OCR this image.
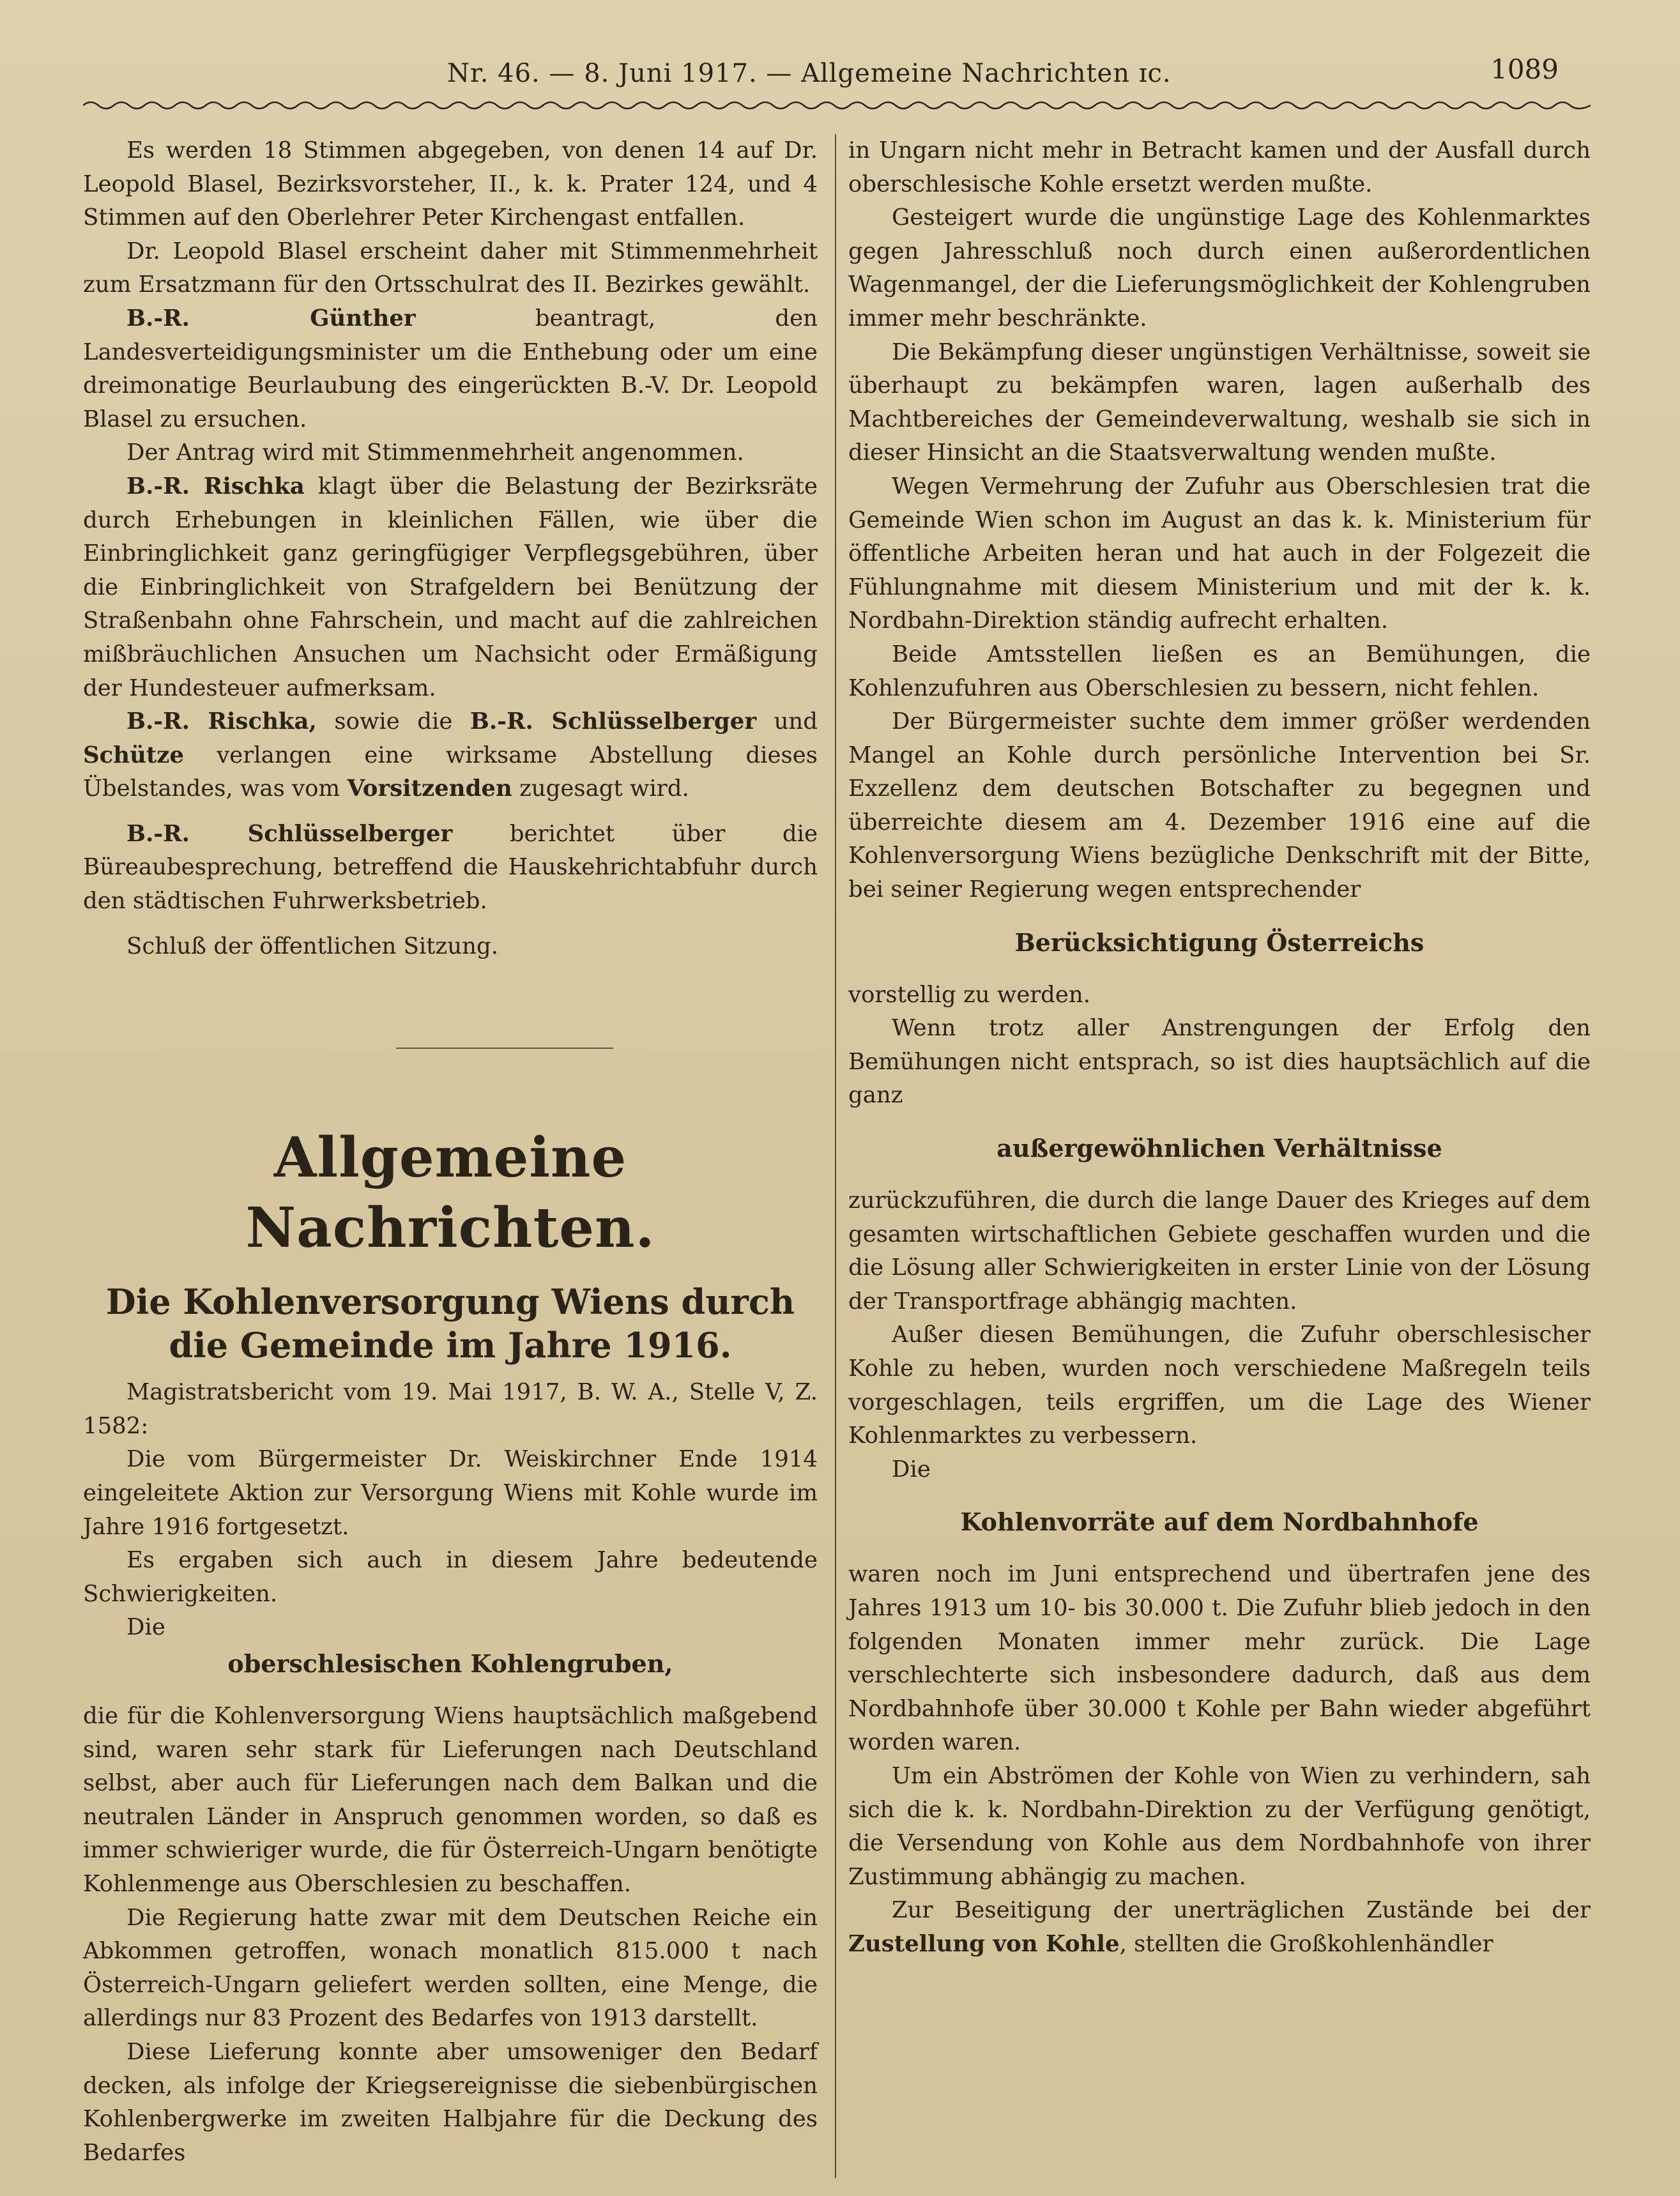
Nr. 46. — 8. Juni 1917. — Allgemeine Nachrichten ɪc.	1089

Es werden 18 Stimmen abgegeben, von denen 14 auf Dr. Leopold Blasel, Bezirksvorsteher, II., k. k. Prater 124, und 4 Stimmen auf den Oberlehrer Peter Kirchengast entfallen.

Dr. Leopold Blasel erscheint daher mit Stimmenmehrheit zum Ersatzmann für den Ortsschulrat des II. Bezirkes gewählt.

B.-R. Günther	beantragt, den Landesverteidigungsminister um die Enthebung oder um eine dreimonatige Beurlaubung des eingerückten B.-V. Dr. Leopold Blasel zu ersuchen.

Der Antrag wird mit Stimmenmehrheit angenommen.

B.-R. Rischka klagt über die Belastung der Bezirksräte durch Erhebungen in kleinlichen Fällen, wie über die Einbringlichkeit ganz geringfügiger Verpflegsgebühren, über die Einbringlichkeit von Strafgeldern bei Benützung der Straßenbahn ohne Fahrschein, und macht auf die zahlreichen mißbräuchlichen Ansuchen um Nachsicht oder Ermäßigung der Hundesteuer aufmerksam.

B.-R. Rischka, sowie die B.-R. Schlüsselberger und Schütze verlangen eine wirksame Abstellung dieses Übelstandes, was vom Vorsitzenden zugesagt wird.

B.-R. Schlüsselberger	berichtet über die Büreaubesprechung, betreffend die Hauskehrichtabfuhr durch den städtischen Fuhrwerksbetrieb.

Schluß der öffentlichen Sitzung.

Allgemeine Nachrichten.
Die Kohlenversorgung Wiens durch die Gemeinde im Jahre 1916.

Magistratsbericht vom 19. Mai 1917, B. W. A., Stelle V, Z. 1582:

Die vom Bürgermeister Dr. Weiskirchner Ende 1914 eingeleitete Aktion zur Versorgung Wiens mit Kohle wurde im Jahre 1916 fortgesetzt.

Es ergaben sich auch in diesem Jahre bedeutende Schwierigkeiten.

Die

oberschlesischen Kohlengruben,

die für die Kohlenversorgung Wiens hauptsächlich maßgebend sind, waren sehr stark für Lieferungen nach Deutschland selbst, aber auch für Lieferungen nach dem Balkan und die neutralen Länder in Anspruch genommen worden, so daß es immer schwieriger wurde, die für Österreich-Ungarn benötigte Kohlenmenge aus Oberschlesien zu beschaffen.

Die Regierung hatte zwar mit dem Deutschen Reiche ein Abkommen getroffen, wonach monatlich 815.000 t nach Österreich-Ungarn geliefert werden sollten, eine Menge, die allerdings nur 83 Prozent des Bedarfes von 1913 darstellt.

Diese Lieferung konnte aber umsoweniger den Bedarf decken, als infolge der Kriegsereignisse die siebenbürgischen Kohlenbergwerke im zweiten Halbjahre für die Deckung des Bedarfes

in Ungarn nicht mehr in Betracht kamen und der Ausfall durch oberschlesische Kohle ersetzt werden mußte.

Gesteigert wurde die ungünstige Lage des Kohlenmarktes gegen Jahresschluß noch durch einen außerordentlichen Wagenmangel, der die Lieferungsmöglichkeit der Kohlengruben immer mehr beschränkte.

Die Bekämpfung dieser ungünstigen Verhältnisse, soweit sie überhaupt zu bekämpfen waren, lagen außerhalb des Machtbereiches der Gemeindeverwaltung, weshalb sie sich in dieser Hinsicht an die Staatsverwaltung wenden mußte.

Wegen Vermehrung der Zufuhr aus Oberschlesien trat die Gemeinde Wien schon im August an das k. k. Ministerium für öffentliche Arbeiten heran und hat auch in der Folgezeit die Fühlungnahme mit diesem Ministerium und mit der k. k. Nordbahn-Direktion ständig aufrecht erhalten.

Beide Amtsstellen ließen es an Bemühungen, die Kohlenzufuhren aus Oberschlesien zu bessern, nicht fehlen.

Der Bürgermeister suchte dem immer größer werdenden Mangel an Kohle durch persönliche Intervention bei Sr. Exzellenz dem deutschen Botschafter zu begegnen und überreichte diesem am 4. Dezember 1916 eine auf die Kohlenversorgung Wiens bezügliche Denkschrift mit der Bitte, bei seiner Regierung wegen entsprechender

Berücksichtigung Österreichs

vorstellig zu werden.

Wenn trotz aller Anstrengungen der Erfolg den Bemühungen nicht entsprach, so ist dies hauptsächlich auf die ganz

außergewöhnlichen Verhältnisse

zurückzuführen, die durch die lange Dauer des Krieges auf dem gesamten wirtschaftlichen Gebiete geschaffen wurden und die die Lösung aller Schwierigkeiten in erster Linie von der Lösung der Transportfrage abhängig machten.

Außer diesen Bemühungen, die Zufuhr oberschlesischer Kohle zu heben, wurden noch verschiedene Maßregeln teils vorgeschlagen, teils ergriffen, um die Lage des Wiener Kohlenmarktes zu verbessern.

Die

Kohlenvorräte auf dem Nordbahnhofe

waren noch im Juni entsprechend und übertrafen jene des Jahres 1913 um 10- bis 30.000 t. Die Zufuhr blieb jedoch in den folgenden Monaten immer mehr zurück. Die Lage verschlechterte sich insbesondere dadurch, daß aus dem Nordbahnhofe über 30.000 t Kohle per Bahn wieder abgeführt worden waren.

Um ein Abströmen der Kohle von Wien zu verhindern, sah sich die k. k. Nordbahn-Direktion zu der Verfügung genötigt, die Versendung von Kohle aus dem Nordbahnhofe von ihrer Zustimmung abhängig zu machen.

Zur Beseitigung der unerträglichen Zustände bei der Zustellung von Kohle, stellten die Großkohlenhändler
